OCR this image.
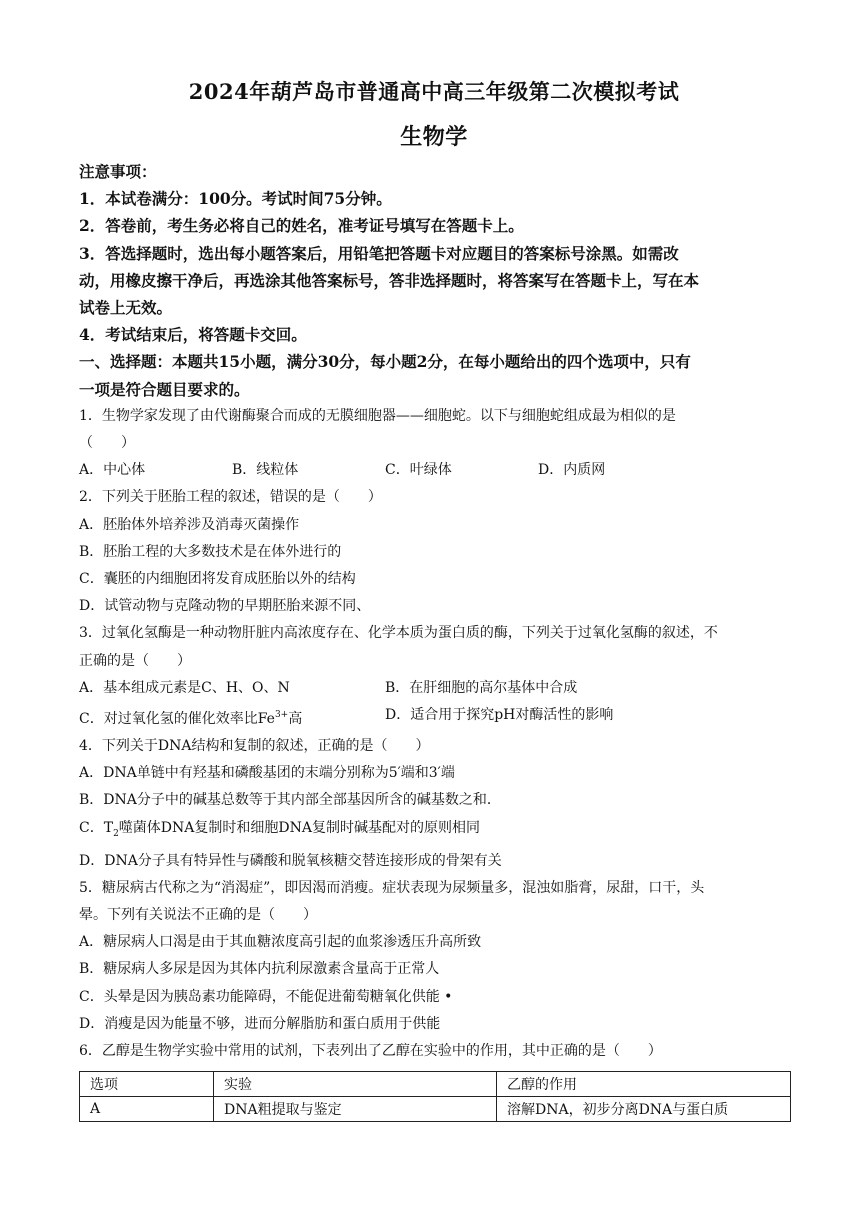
2024年葫芦岛市普通高中高三年级第二次模拟考试
生物学
注意事项：
1．本试卷满分：100分。考试时间75分钟。
2．答卷前，考生务必将自己的姓名，准考证号填写在答题卡上。
3．答选择题时，选出每小题答案后，用铅笔把答题卡对应题目的答案标号涂黑。如需改
动，用橡皮擦干净后，再选涂其他答案标号，答非选择题时，将答案写在答题卡上，写在本
试卷上无效。
4．考试结束后，将答题卡交回。
一、选择题：本题共15小题，满分30分，每小题2分，在每小题给出的四个选项中，只有
一项是符合题目要求的。
1．生物学家发现了由代谢酶聚合而成的无膜细胞器——细胞蛇。以下与细胞蛇组成最为相似的是
（　　）
A．中心体	B．线粒体	C．叶绿体	D．内质网
2．下列关于胚胎工程的叙述，错误的是（　　）
A．胚胎体外培养涉及消毒灭菌操作
B．胚胎工程的大多数技术是在体外进行的
C．囊胚的内细胞团将发育成胚胎以外的结构
D．试管动物与克隆动物的早期胚胎来源不同、
3．过氧化氢酶是一种动物肝脏内高浓度存在、化学本质为蛋白质的酶，下列关于过氧化氢酶的叙述，不
正确的是（　　）
A．基本组成元素是C、H、O、N	B．在肝细胞的高尔基体中合成
C．对过氧化氢的催化效率比$Fe^{3+}$高	D．适合用于探究pH对酶活性的影响
4．下列关于DNA结构和复制的叙述，正确的是（　　）
A．DNA单链中有羟基和磷酸基团的末端分别称为5′端和3′端
B．DNA分子中的碱基总数等于其内部全部基因所含的碱基数之和．
C．$T_2$噬菌体DNA复制时和细胞DNA复制时碱基配对的原则相同
D．DNA分子具有特异性与磷酸和脱氧核糖交替连接形成的骨架有关
5．糖尿病古代称之为“消渴症”，即因渴而消瘦。症状表现为尿频量多，混浊如脂膏，尿甜，口干，头
晕。下列有关说法不正确的是（　　）
A．糖尿病人口渴是由于其血糖浓度高引起的血浆渗透压升高所致
B．糖尿病人多尿是因为其体内抗利尿激素含量高于正常人
C．头晕是因为胰岛素功能障碍，不能促进葡萄糖氧化供能 •
D．消瘦是因为能量不够，进而分解脂肪和蛋白质用于供能
6．乙醇是生物学实验中常用的试剂，下表列出了乙醇在实验中的作用，其中正确的是（　　）
选项	实验	乙醇的作用
A	DNA粗提取与鉴定	溶解DNA，初步分离DNA与蛋白质
